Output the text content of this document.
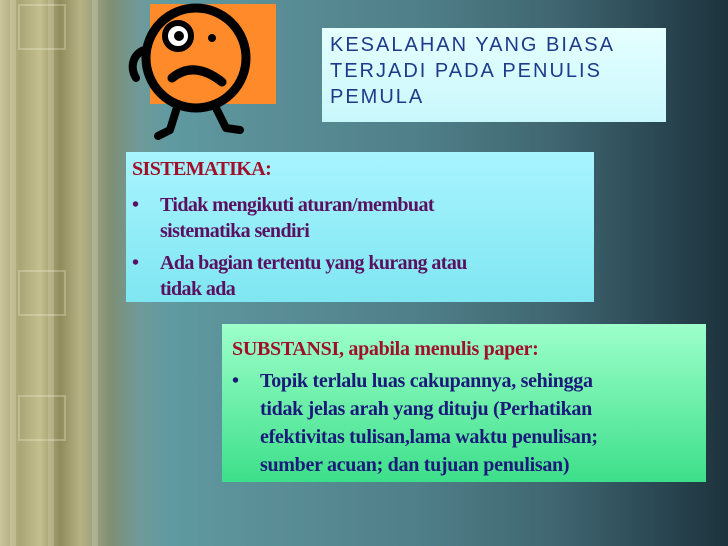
KESALAHAN YANG BIASA
TERJADI PADA PENULIS
PEMULA
SISTEMATIKA:
• Tidak mengikuti aturan/membuat
sistematika sendiri
• Ada bagian tertentu yang kurang atau
tidak ada
SUBSTANSI, apabila menulis paper:
• Topik terlalu luas cakupannya, sehingga
tidak jelas arah yang dituju (Perhatikan
efektivitas tulisan,lama waktu penulisan;
sumber acuan; dan tujuan penulisan)
